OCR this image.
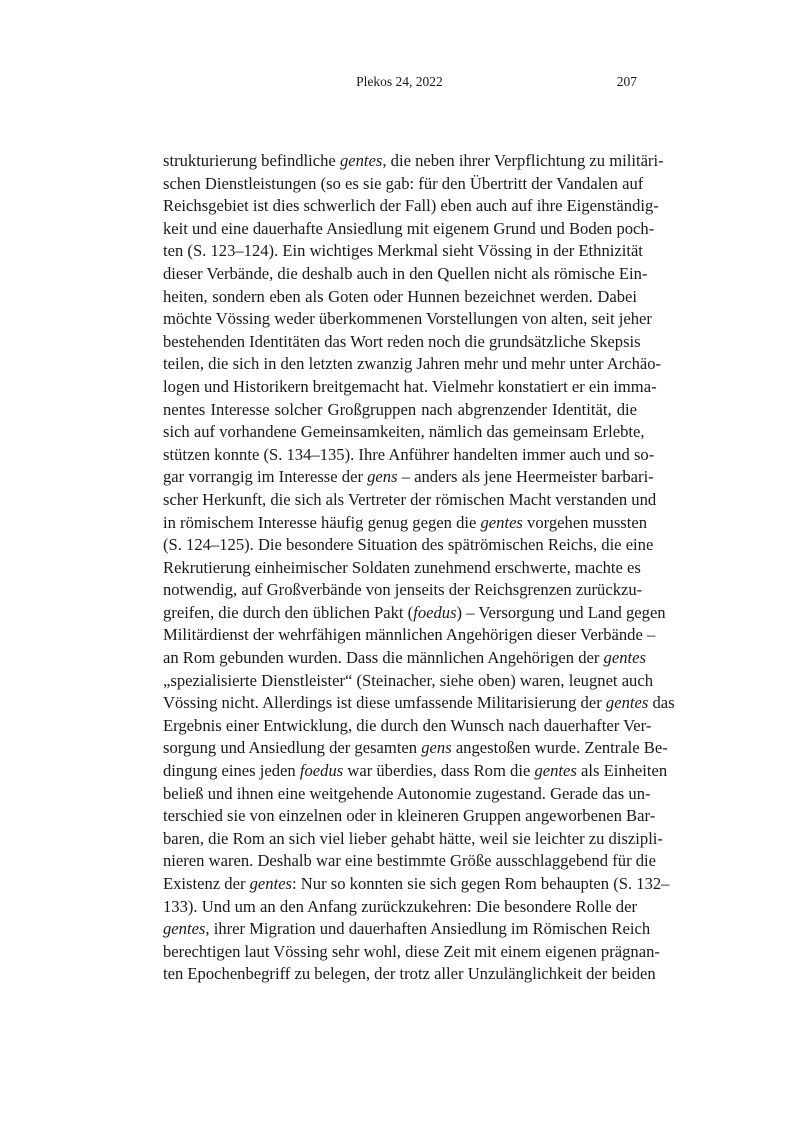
Plekos 24, 2022	207
strukturierung befindliche gentes, die neben ihrer Verpflichtung zu militäri-
schen Dienstleistungen (so es sie gab: für den Übertritt der Vandalen auf
Reichsgebiet ist dies schwerlich der Fall) eben auch auf ihre Eigenständig-
keit und eine dauerhafte Ansiedlung mit eigenem Grund und Boden poch-
ten (S. 123–124). Ein wichtiges Merkmal sieht Vössing in der Ethnizität
dieser Verbände, die deshalb auch in den Quellen nicht als römische Ein-
heiten, sondern eben als Goten oder Hunnen bezeichnet werden. Dabei
möchte Vössing weder überkommenen Vorstellungen von alten, seit jeher
bestehenden Identitäten das Wort reden noch die grundsätzliche Skepsis
teilen, die sich in den letzten zwanzig Jahren mehr und mehr unter Archäo-
logen und Historikern breitgemacht hat. Vielmehr konstatiert er ein imma-
nentes Interesse solcher Großgruppen nach abgrenzender Identität, die
sich auf vorhandene Gemeinsamkeiten, nämlich das gemeinsam Erlebte,
stützen konnte (S. 134–135). Ihre Anführer handelten immer auch und so-
gar vorrangig im Interesse der gens – anders als jene Heermeister barbari-
scher Herkunft, die sich als Vertreter der römischen Macht verstanden und
in römischem Interesse häufig genug gegen die gentes vorgehen mussten
(S. 124–125). Die besondere Situation des spätrömischen Reichs, die eine
Rekrutierung einheimischer Soldaten zunehmend erschwerte, machte es
notwendig, auf Großverbände von jenseits der Reichsgrenzen zurückzu-
greifen, die durch den üblichen Pakt (foedus) – Versorgung und Land gegen
Militärdienst der wehrfähigen männlichen Angehörigen dieser Verbände –
an Rom gebunden wurden. Dass die männlichen Angehörigen der gentes
„spezialisierte Dienstleister“ (Steinacher, siehe oben) waren, leugnet auch
Vössing nicht. Allerdings ist diese umfassende Militarisierung der gentes das
Ergebnis einer Entwicklung, die durch den Wunsch nach dauerhafter Ver-
sorgung und Ansiedlung der gesamten gens angestoßen wurde. Zentrale Be-
dingung eines jeden foedus war überdies, dass Rom die gentes als Einheiten
beließ und ihnen eine weitgehende Autonomie zugestand. Gerade das un-
terschied sie von einzelnen oder in kleineren Gruppen angeworbenen Bar-
baren, die Rom an sich viel lieber gehabt hätte, weil sie leichter zu diszipli-
nieren waren. Deshalb war eine bestimmte Größe ausschlaggebend für die
Existenz der gentes: Nur so konnten sie sich gegen Rom behaupten (S. 132–
133). Und um an den Anfang zurückzukehren: Die besondere Rolle der
gentes, ihrer Migration und dauerhaften Ansiedlung im Römischen Reich
berechtigen laut Vössing sehr wohl, diese Zeit mit einem eigenen prägnan-
ten Epochenbegriff zu belegen, der trotz aller Unzulänglichkeit der beiden
